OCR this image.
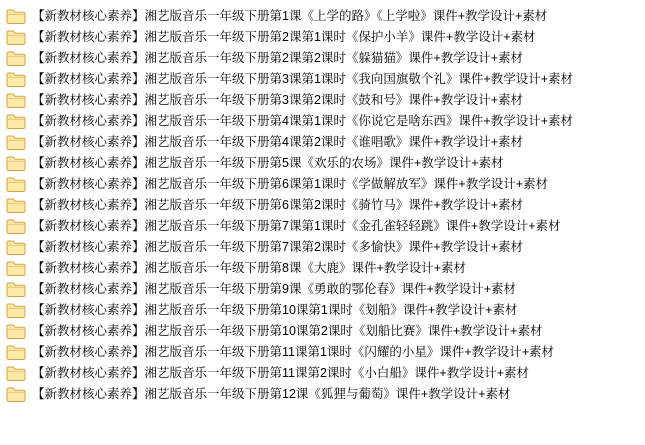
【新教材核心素养】湘艺版音乐一年级下册第1课《上学的路》《上学啦》课件+教学设计+素材
【新教材核心素养】湘艺版音乐一年级下册第2课第1课时《保护小羊》课件+教学设计+素材
【新教材核心素养】湘艺版音乐一年级下册第2课第2课时《躲猫猫》课件+教学设计+素材
【新教材核心素养】湘艺版音乐一年级下册第3课第1课时《我向国旗敬个礼》课件+教学设计+素材
【新教材核心素养】湘艺版音乐一年级下册第3课第2课时《鼓和号》课件+教学设计+素材
【新教材核心素养】湘艺版音乐一年级下册第4课第1课时《你说它是啥东西》课件+教学设计+素材
【新教材核心素养】湘艺版音乐一年级下册第4课第2课时《谁唱歌》课件+教学设计+素材
【新教材核心素养】湘艺版音乐一年级下册第5课《欢乐的农场》课件+教学设计+素材
【新教材核心素养】湘艺版音乐一年级下册第6课第1课时《学做解放军》课件+教学设计+素材
【新教材核心素养】湘艺版音乐一年级下册第6课第2课时《骑竹马》课件+教学设计+素材
【新教材核心素养】湘艺版音乐一年级下册第7课第1课时《金孔雀轻轻跳》课件+教学设计+素材
【新教材核心素养】湘艺版音乐一年级下册第7课第2课时《多愉快》课件+教学设计+素材
【新教材核心素养】湘艺版音乐一年级下册第8课《大鹿》课件+教学设计+素材
【新教材核心素养】湘艺版音乐一年级下册第9课《勇敢的鄂伦春》课件+教学设计+素材
【新教材核心素养】湘艺版音乐一年级下册第10课第1课时《划船》课件+教学设计+素材
【新教材核心素养】湘艺版音乐一年级下册第10课第2课时《划船比赛》课件+教学设计+素材
【新教材核心素养】湘艺版音乐一年级下册第11课第1课时《闪耀的小星》课件+教学设计+素材
【新教材核心素养】湘艺版音乐一年级下册第11课第2课时《小白船》课件+教学设计+素材
【新教材核心素养】湘艺版音乐一年级下册第12课《狐狸与葡萄》课件+教学设计+素材
